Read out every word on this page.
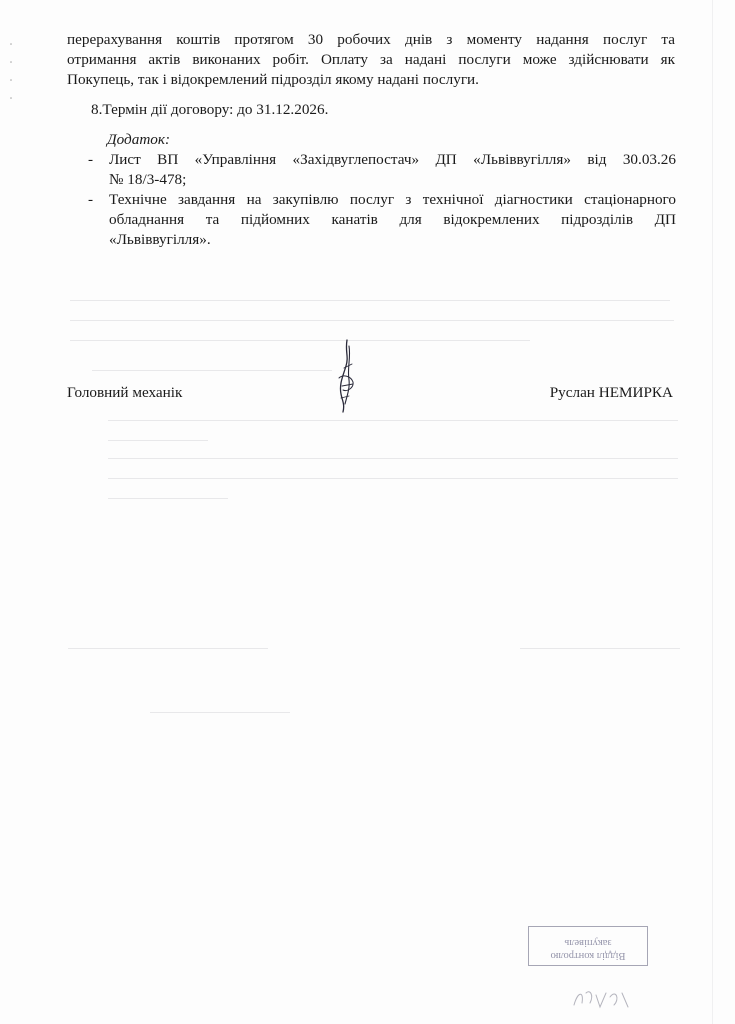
перерахування коштів протягом 30 робочих днів з моменту надання послуг та
отримання актів виконаних робіт. Оплату за надані послуги може здійснювати як
Покупець, так і відокремлений підрозділ якому надані послуги.
8.Термін дії договору: до 31.12.2026.
Додаток:
- Лист ВП «Управління «Західвуглепостач» ДП «Львіввугілля» від 30.03.26
№ 18/3-478;
- Технічне завдання на закупівлю послуг з технічної діагностики стаціонарного
обладнання та підйомних канатів для відокремлених підрозділів ДП
«Львіввугілля».
Головний механік	Руслан НЕМИРКА
Відділ контролю
закупівель
